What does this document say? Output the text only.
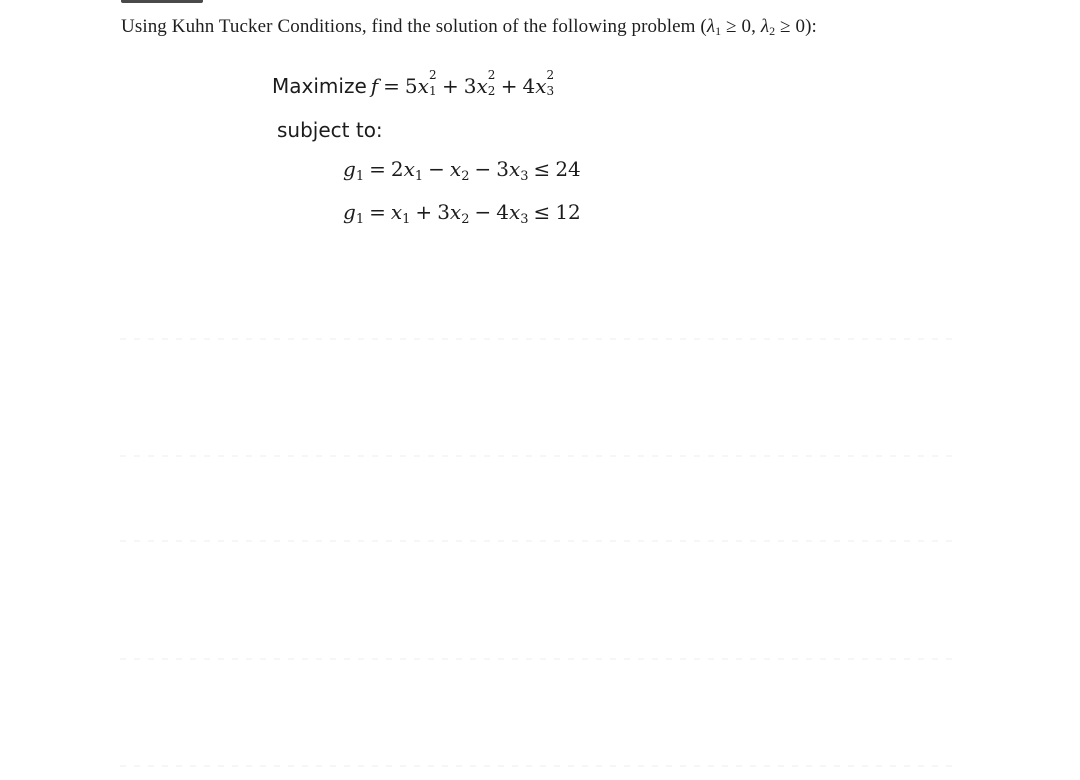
Using Kuhn Tucker Conditions, find the solution of the following problem ($\lambda_1 \ge 0$, $\lambda_2 \ge 0$):
Maximize f = 5x 2
1 + 3x 2
2 + 4x 2
3
subject to:
$g_1 = 2x_1 - x_2 - 3x_3 \le 24$
$g_1 = x_1 + 3x_2 - 4x_3 \le 12$
